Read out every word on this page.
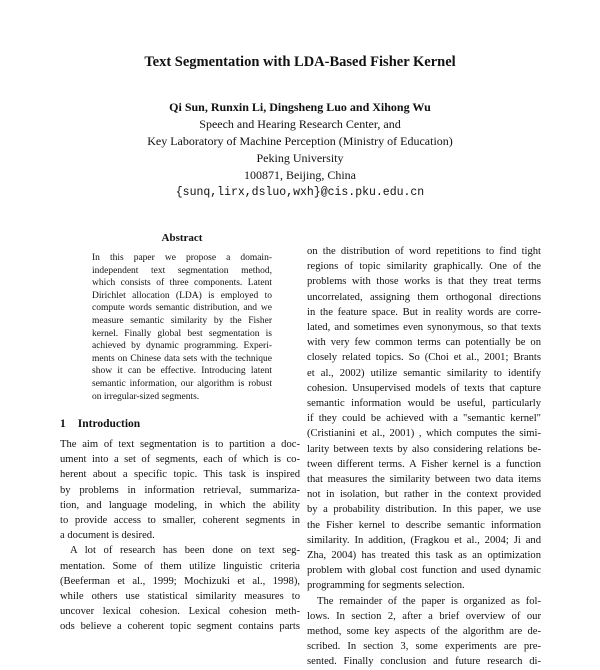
Text Segmentation with LDA-Based Fisher Kernel
Qi Sun, Runxin Li, Dingsheng Luo and Xihong Wu
Speech and Hearing Research Center, and
Key Laboratory of Machine Perception (Ministry of Education)
Peking University
100871, Beijing, China
{sunq,lirx,dsluo,wxh}@cis.pku.edu.cn
Abstract
In this paper we propose a domain-
independent text segmentation method,
which consists of three components. Latent
Dirichlet allocation (LDA) is employed to
compute words semantic distribution, and we
measure semantic similarity by the Fisher
kernel. Finally global best segmentation is
achieved by dynamic programming. Experi-
ments on Chinese data sets with the technique
show it can be effective. Introducing latent
semantic information, our algorithm is robust
on irregular-sized segments.
1 Introduction
The aim of text segmentation is to partition a doc-
ument into a set of segments, each of which is co-
herent about a specific topic. This task is inspired
by problems in information retrieval, summariza-
tion, and language modeling, in which the ability
to provide access to smaller, coherent segments in
a document is desired.
A lot of research has been done on text seg-
mentation. Some of them utilize linguistic criteria
(Beeferman et al., 1999; Mochizuki et al., 1998),
while others use statistical similarity measures to
uncover lexical cohesion. Lexical cohesion meth-
ods believe a coherent topic segment contains parts
on the distribution of word repetitions to find tight
regions of topic similarity graphically. One of the
problems with those works is that they treat terms
uncorrelated, assigning them orthogonal directions
in the feature space. But in reality words are corre-
lated, and sometimes even synonymous, so that texts
with very few common terms can potentially be on
closely related topics. So (Choi et al., 2001; Brants
et al., 2002) utilize semantic similarity to identify
cohesion. Unsupervised models of texts that capture
semantic information would be useful, particularly
if they could be achieved with a "semantic kernel"
(Cristianini et al., 2001) , which computes the simi-
larity between texts by also considering relations be-
tween different terms. A Fisher kernel is a function
that measures the similarity between two data items
not in isolation, but rather in the context provided
by a probability distribution. In this paper, we use
the Fisher kernel to describe semantic information
similarity. In addition, (Fragkou et al., 2004; Ji and
Zha, 2004) has treated this task as an optimization
problem with global cost function and used dynamic
programming for segments selection.
The remainder of the paper is organized as fol-
lows. In section 2, after a brief overview of our
method, some key aspects of the algorithm are de-
scribed. In section 3, some experiments are pre-
sented. Finally conclusion and future research di-
